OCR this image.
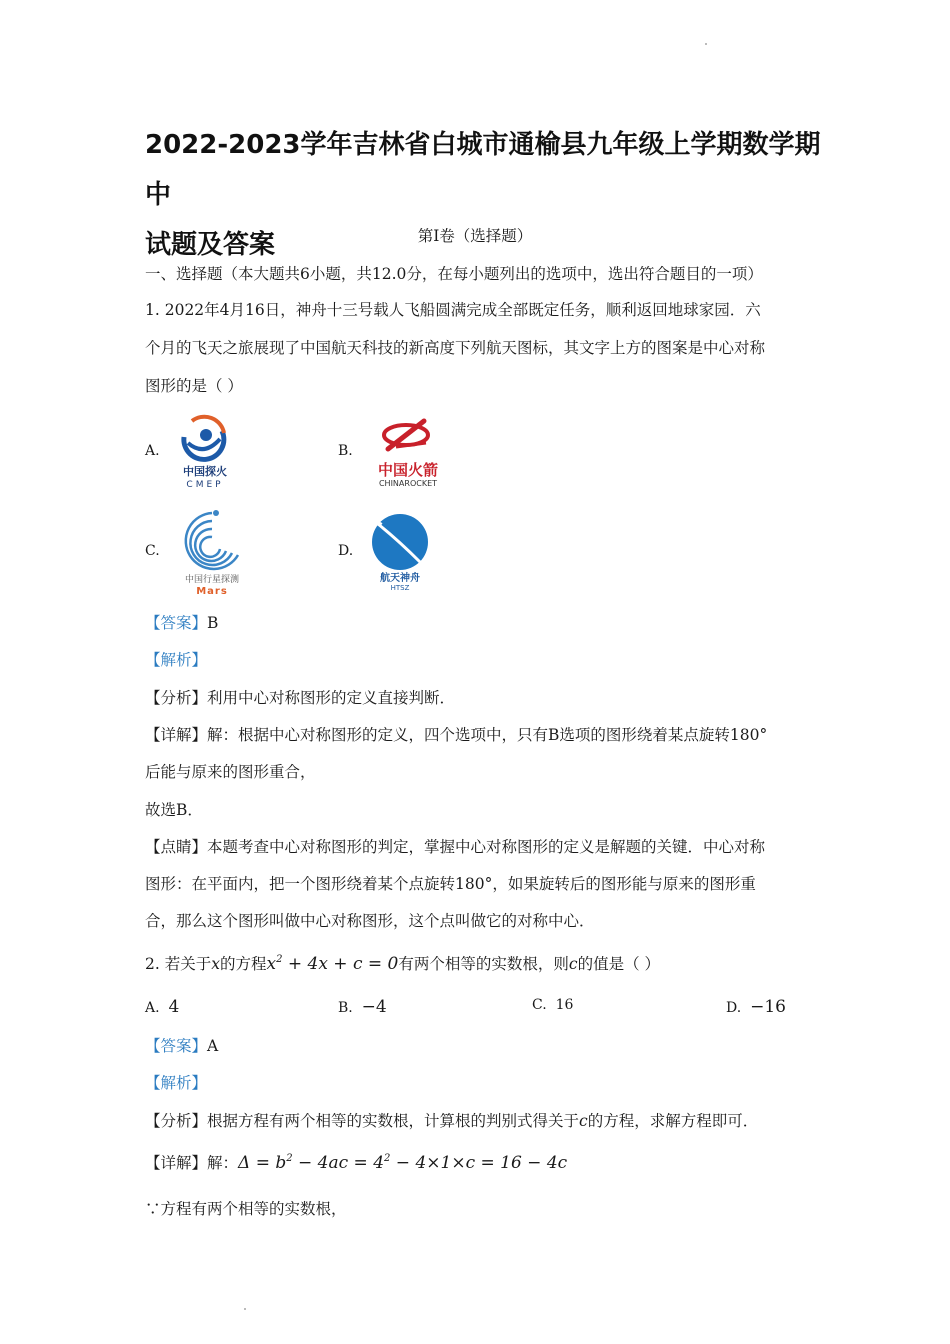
2022-2023学年吉林省白城市通榆县九年级上学期数学期中
试题及答案	第Ⅰ卷（选择题）
一、选择题（本大题共6小题，共12.0分，在每小题列出的选项中，选出符合题目的一项）
1. 2022年4月16日，神舟十三号载人飞船圆满完成全部既定任务，顺利返回地球家园．六
个月的飞天之旅展现了中国航天科技的新高度下列航天图标，其文字上方的图案是中心对称
图形的是（ ）
A.
中国探火
CMEP
B.
中国火箭
CHINAROCKET
C.
中国行星探测
Mars
D.
航天神舟
HTSZ
【答案】B
【解析】
【分析】利用中心对称图形的定义直接判断．
【详解】解：根据中心对称图形的定义，四个选项中，只有B选项的图形绕着某点旋转180°
后能与原来的图形重合，
故选B．
【点睛】本题考查中心对称图形的判定，掌握中心对称图形的定义是解题的关键．中心对称
图形：在平面内，把一个图形绕着某个点旋转180°，如果旋转后的图形能与原来的图形重
合，那么这个图形叫做中心对称图形，这个点叫做它的对称中心．
2. 若关于x的方程$x^2 + 4x + c = 0$有两个相等的实数根，则c的值是（ ）
A. 4	B. −4	C. 16	D. −16
【答案】A
【解析】
【分析】根据方程有两个相等的实数根，计算根的判别式得关于c的方程，求解方程即可．
【详解】解：$\Delta = b^2 - 4ac = 4^2 - 4\times 1\times c = 16 - 4c$
∵方程有两个相等的实数根，
